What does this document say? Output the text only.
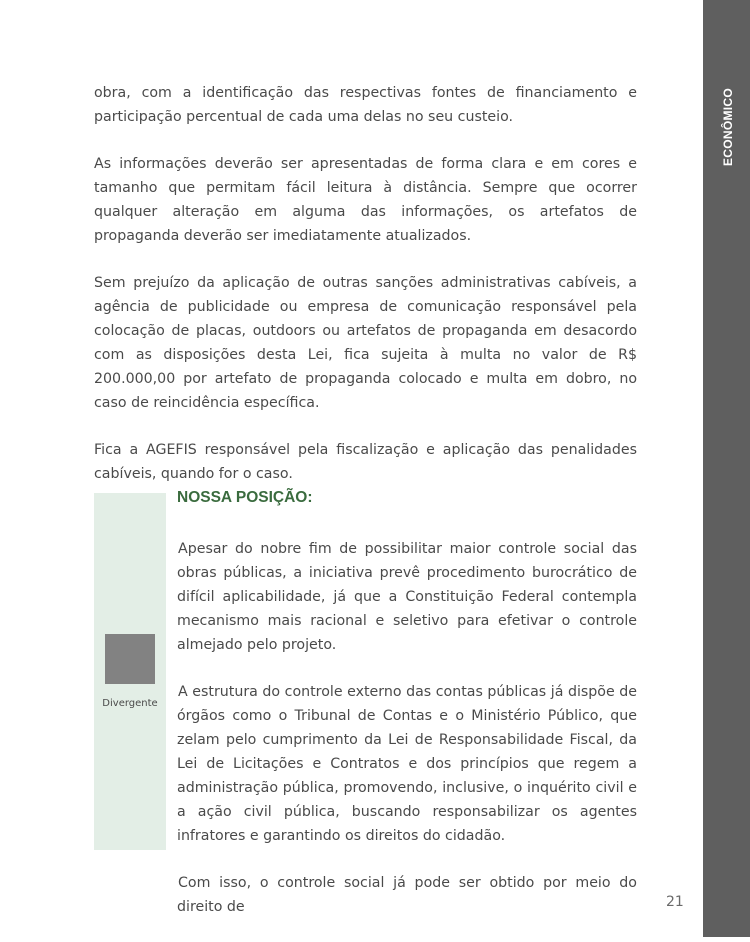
ECONÔMICO

obra, com a identificação das respectivas fontes de financiamento e participação percentual de cada uma delas no seu custeio.

As informações deverão ser apresentadas de forma clara e em cores e tamanho que permitam fácil leitura à distância. Sempre que ocorrer qualquer alteração em alguma das informações, os artefatos de propaganda deverão ser imediatamente atualizados.

Sem prejuízo da aplicação de outras sanções administrativas cabíveis, a agência de publicidade ou empresa de comunicação responsável pela colocação de placas, outdoors ou artefatos de propaganda em desacordo com as disposições desta Lei, fica sujeita à multa no valor de R$ 200.000,00 por artefato de propaganda colocado e multa em dobro, no caso de reincidência específica.

Fica a AGEFIS responsável pela fiscalização e aplicação das penalidades cabíveis, quando for o caso.

Divergente
NOSSA POSIÇÃO:

Apesar do nobre fim de possibilitar maior controle social das obras públicas, a iniciativa prevê procedimento burocrático de difícil aplicabilidade, já que a Constituição Federal contempla mecanismo mais racional e seletivo para efetivar o controle almejado pelo projeto.

A estrutura do controle externo das contas públicas já dispõe de órgãos como o Tribunal de Contas e o Ministério Público, que zelam pelo cumprimento da Lei de Responsabilidade Fiscal, da Lei de Licitações e Contratos e dos princípios que regem a administração pública, promovendo, inclusive, o inquérito civil e a ação civil pública, buscando responsabilizar os agentes infratores e garantindo os direitos do cidadão.

Com isso, o controle social já pode ser obtido por meio do direito de	21
